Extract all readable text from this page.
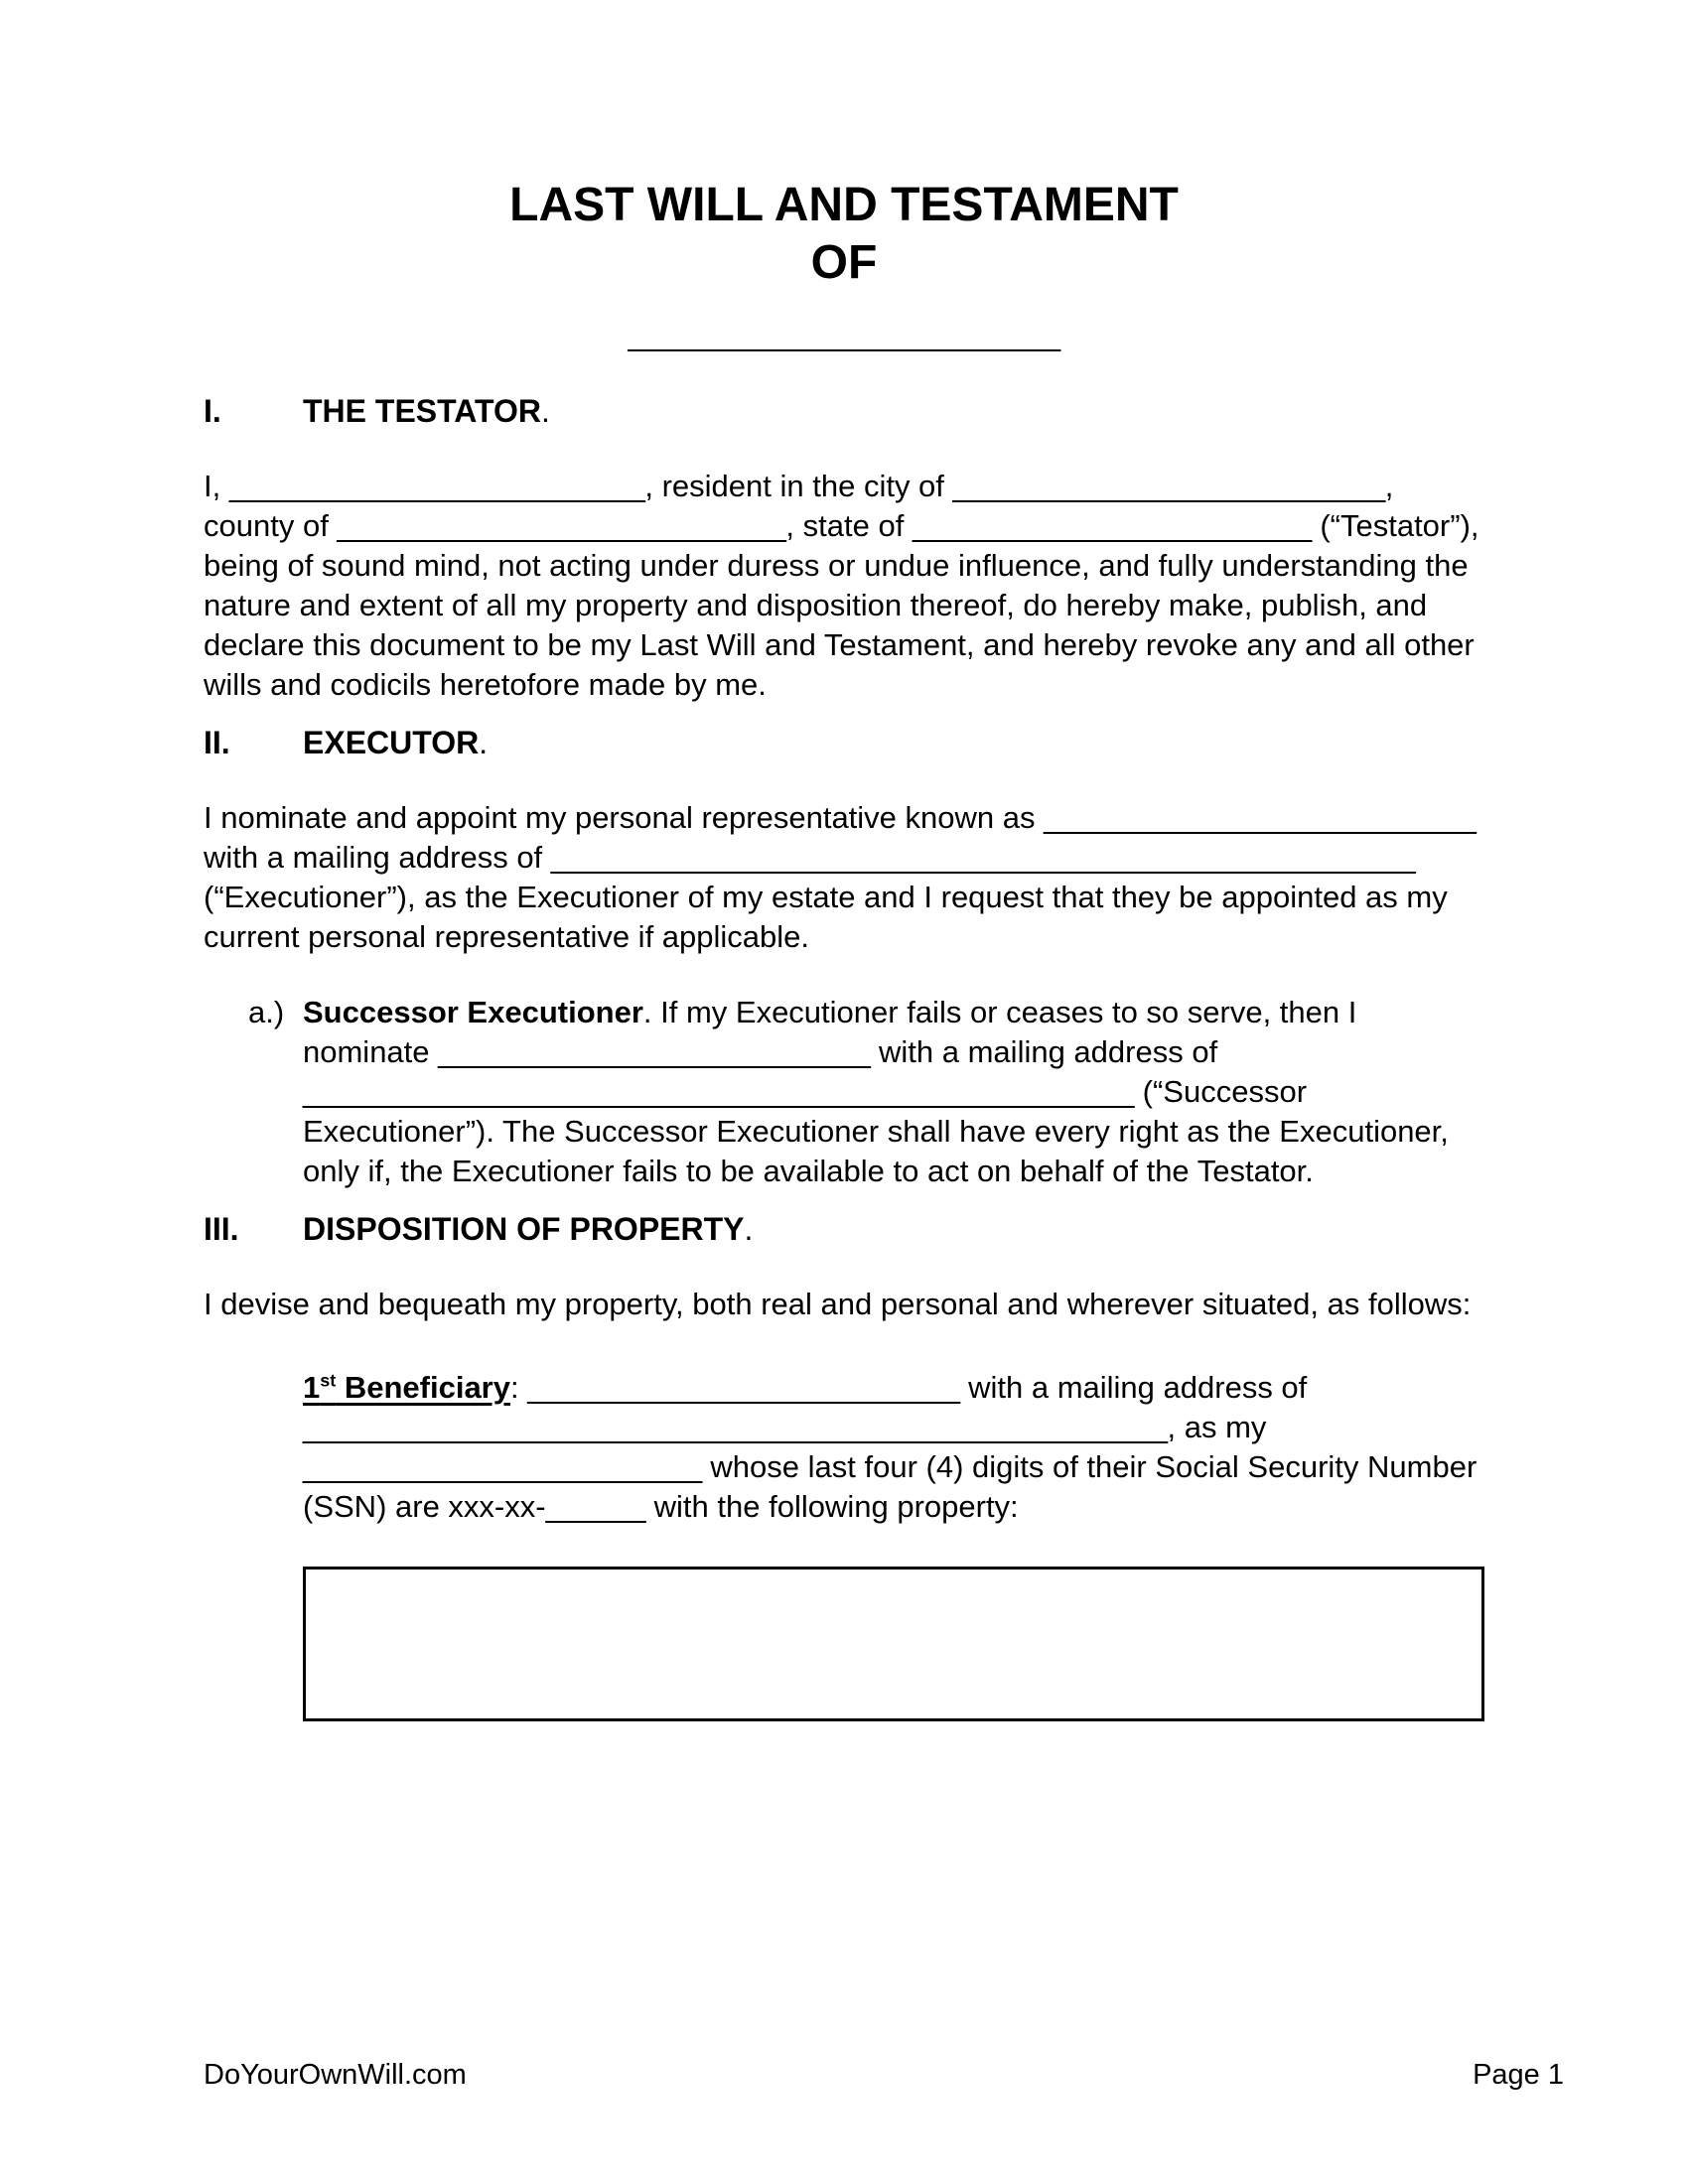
LAST WILL AND TESTAMENT
OF
__________________________
I.	THE TESTATOR.

I, _________________________, resident in the city of __________________________, county of ___________________________, state of ________________________ (“Testator”), being of sound mind, not acting under duress or undue influence, and fully understanding the nature and extent of all my property and disposition thereof, do hereby make, publish, and declare this document to be my Last Will and Testament, and hereby revoke any and all other wills and codicils heretofore made by me.

II. EXECUTOR.

I nominate and appoint my personal representative known as __________________________ with a mailing address of ____________________________________________________ (“Executioner”), as the Executioner of my estate and I request that they be appointed as my current personal representative if applicable.

a.) Successor Executioner. If my Executioner fails or ceases to so serve, then I nominate __________________________ with a mailing address of __________________________________________________ (“Successor Executioner”). The Successor Executioner shall have every right as the Executioner, only if, the Executioner fails to be available to act on behalf of the Testator.
III. DISPOSITION OF PROPERTY.

I devise and bequeath my property, both real and personal and wherever situated, as follows:

1st Beneficiary: __________________________ with a mailing address of ____________________________________________________, as my ________________________ whose last four (4) digits of their Social Security Number (SSN) are xxx-xx-______ with the following property:

DoYourOwnWill.com	Page 1
